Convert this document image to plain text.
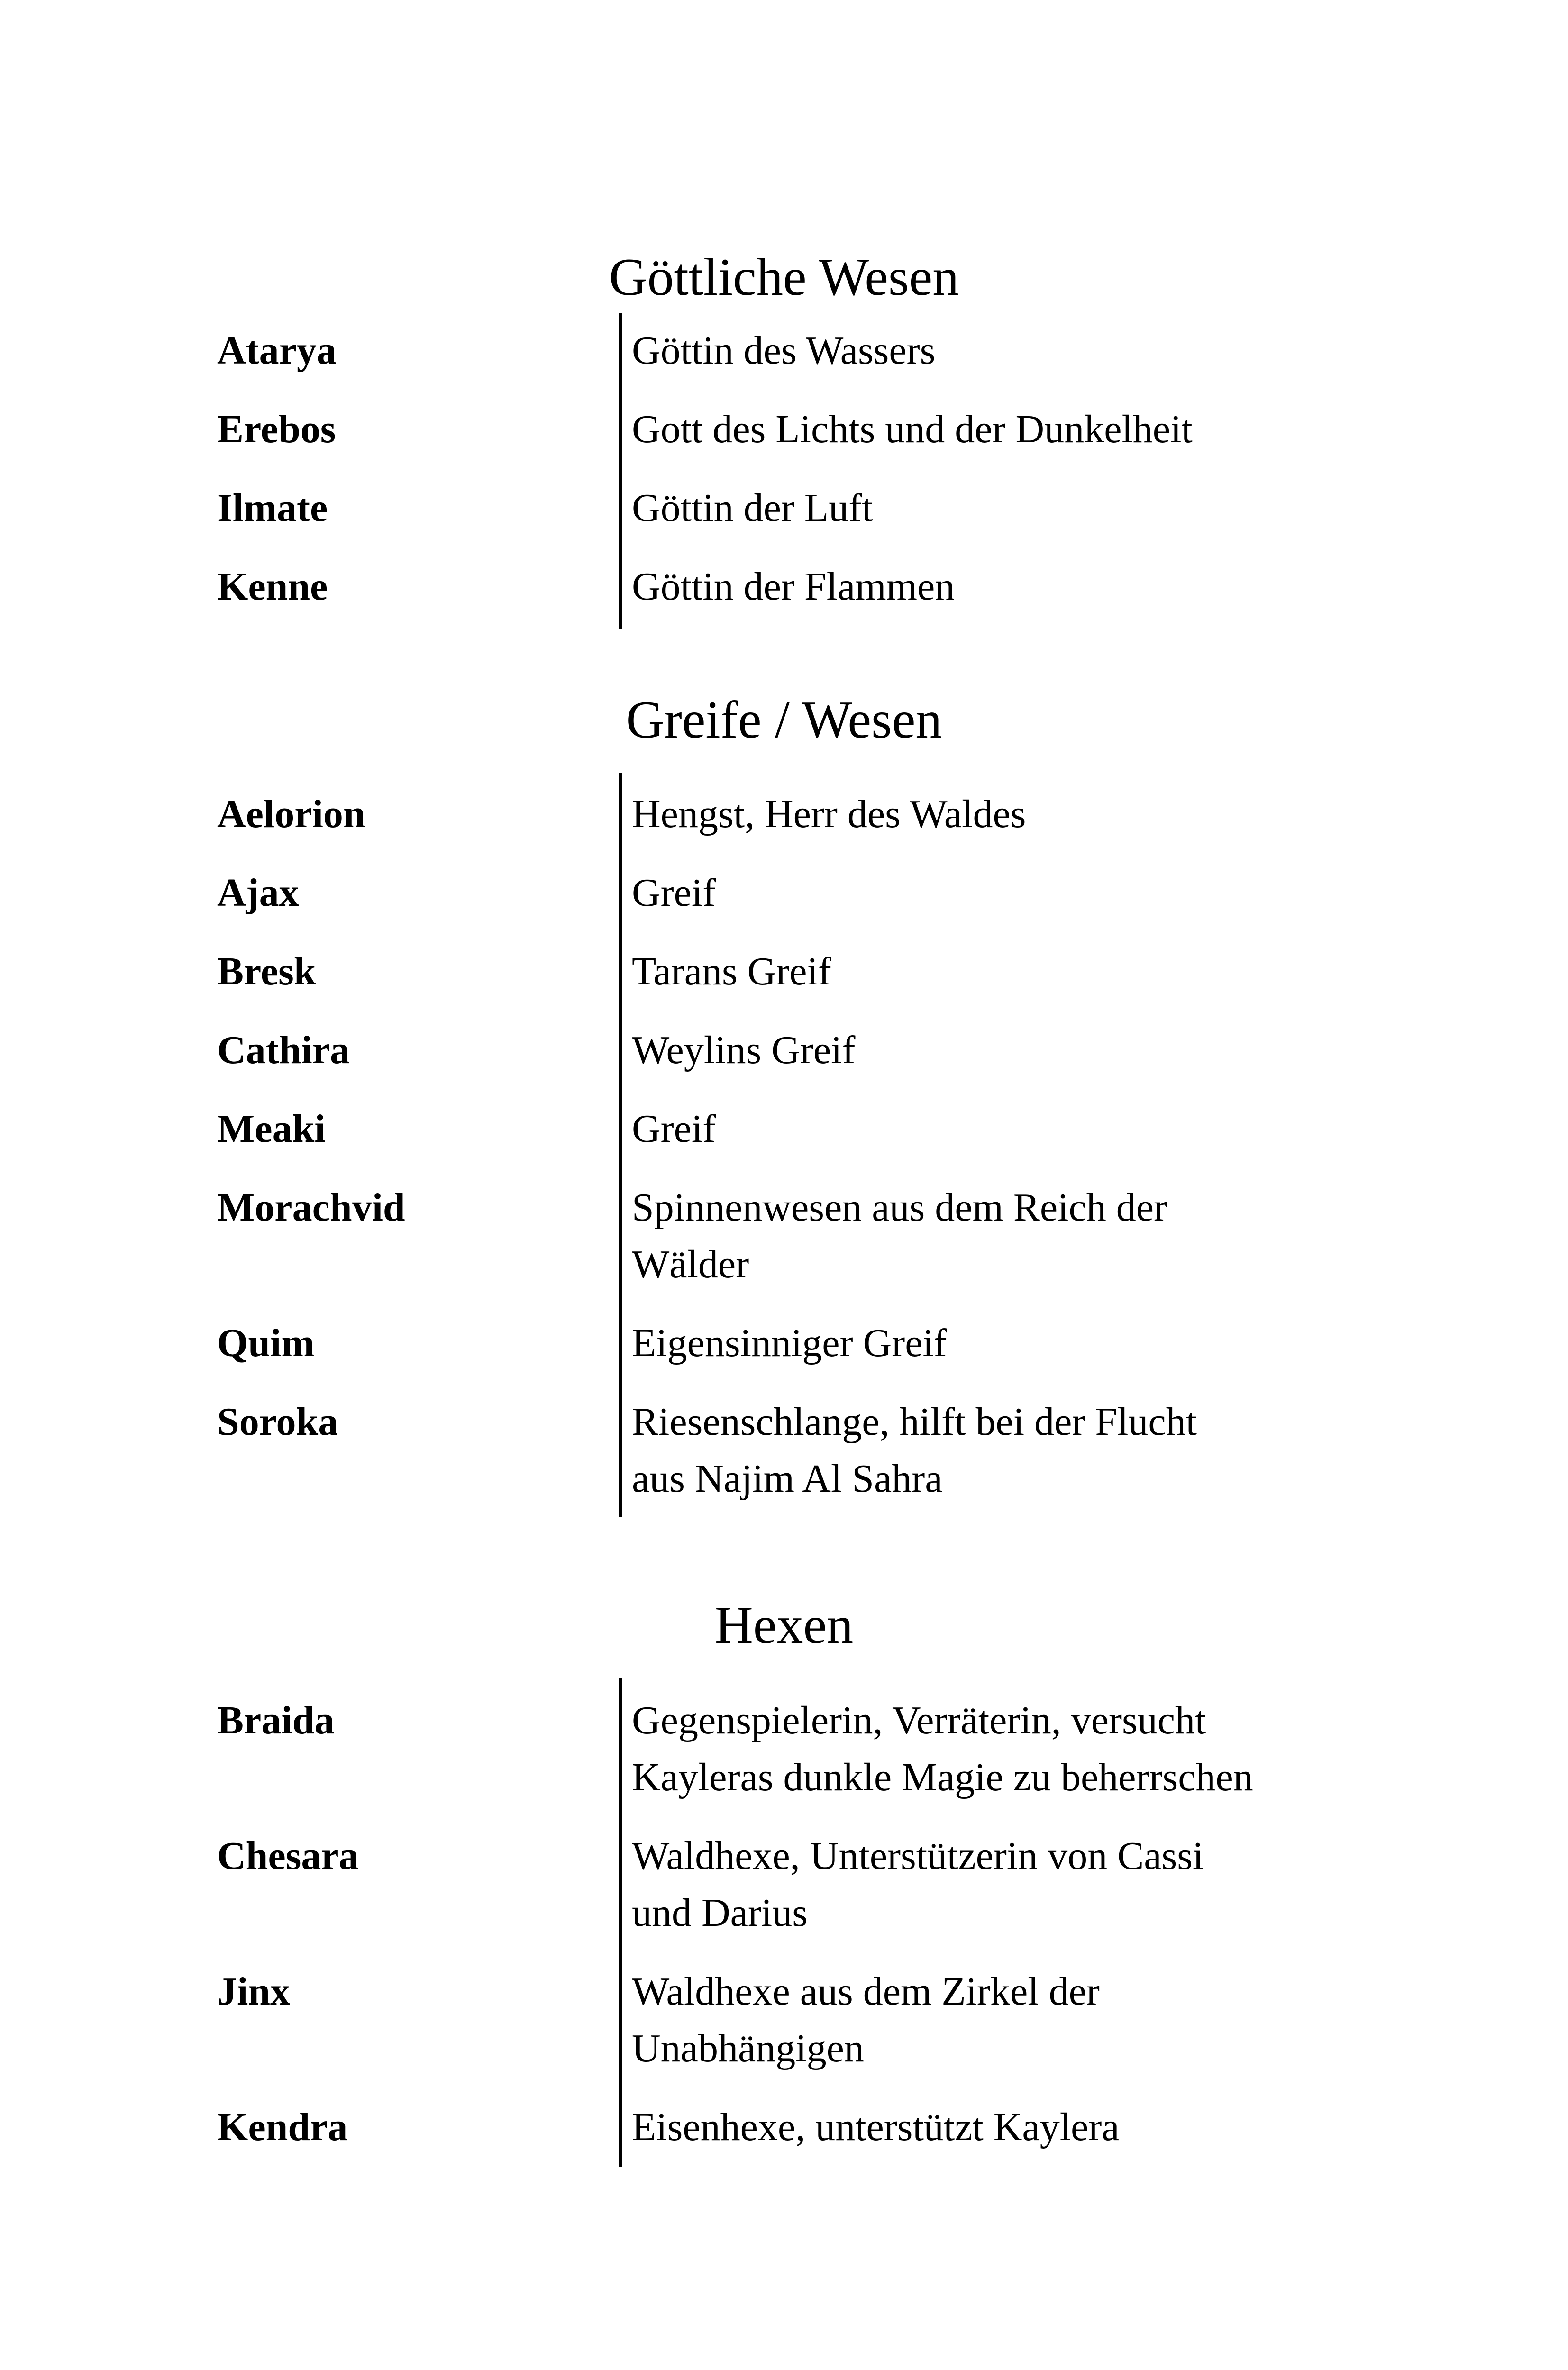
Göttliche Wesen
Atarya	Göttin des Wassers
Erebos	Gott des Lichts und der Dunkelheit
Ilmate	Göttin der Luft
Kenne	Göttin der Flammen
Greife / Wesen
Aelorion	Hengst, Herr des Waldes
Ajax	Greif
Bresk	Tarans Greif
Cathira	Weylins Greif
Meaki	Greif
Morachvid	Spinnenwesen aus dem Reich der
Wälder
Quim	Eigensinniger Greif
Soroka	Riesenschlange, hilft bei der Flucht
aus Najim Al Sahra
Hexen
Braida	Gegenspielerin, Verräterin, versucht
Kayleras dunkle Magie zu beherrschen
Chesara	Waldhexe, Unterstützerin von Cassi
und Darius
Jinx	Waldhexe aus dem Zirkel der
Unabhängigen
Kendra	Eisenhexe, unterstützt Kaylera
